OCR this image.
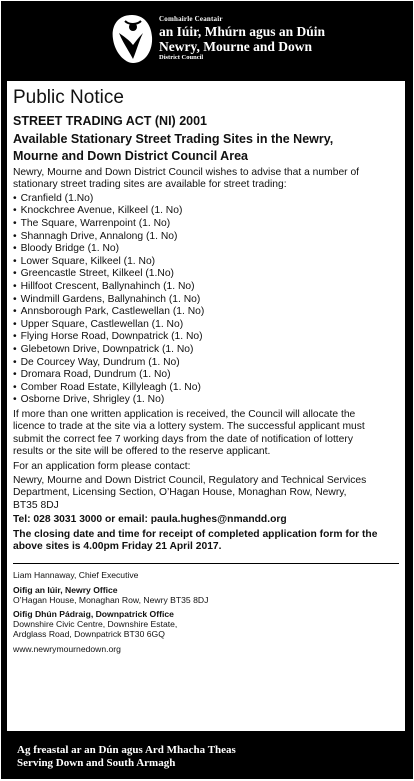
Comhairle Ceantair
an Iúir, Mhúrn agus an Dúin
Newry, Mourne and Down
District Council
Public Notice
STREET TRADING ACT (NI) 2001
Available Stationary Street Trading Sites in the Newry,
Mourne and Down District Council Area
Newry, Mourne and Down District Council wishes to advise that a number of
stationary street trading sites are available for street trading:
• Cranfield (1.No)
• Knockchree Avenue, Kilkeel (1. No)
• The Square, Warrenpoint (1. No)
• Shannagh Drive, Annalong (1. No)
• Bloody Bridge (1. No)
• Lower Square, Kilkeel (1. No)
• Greencastle Street, Kilkeel (1.No)
• Hillfoot Crescent, Ballynahinch (1. No)
• Windmill Gardens, Ballynahinch (1. No)
• Annsborough Park, Castlewellan (1. No)
• Upper Square, Castlewellan (1. No)
• Flying Horse Road, Downpatrick (1. No)
• Glebetown Drive, Downpatrick (1. No)
• De Courcey Way, Dundrum (1. No)
• Dromara Road, Dundrum (1. No)
• Comber Road Estate, Killyleagh (1. No)
• Osborne Drive, Shrigley (1. No)
If more than one written application is received, the Council will allocate the
licence to trade at the site via a lottery system. The successful applicant must
submit the correct fee 7 working days from the date of notification of lottery
results or the site will be offered to the reserve applicant.
For an application form please contact:
Newry, Mourne and Down District Council, Regulatory and Technical Services
Department, Licensing Section, O’Hagan House, Monaghan Row, Newry,
BT35 8DJ
Tel: 028 3031 3000 or email: paula.hughes@nmandd.org
The closing date and time for receipt of completed application form for the
above sites is 4.00pm Friday 21 April 2017.
Liam Hannaway, Chief Executive
Oifig an Iúir, Newry Office
O’Hagan House, Monaghan Row, Newry BT35 8DJ
Oifig Dhún Pádraig, Downpatrick Office
Downshire Civic Centre, Downshire Estate,
Ardglass Road, Downpatrick BT30 6GQ
www.newrymournedown.org
Ag freastal ar an Dún agus Ard Mhacha Theas
Serving Down and South Armagh
